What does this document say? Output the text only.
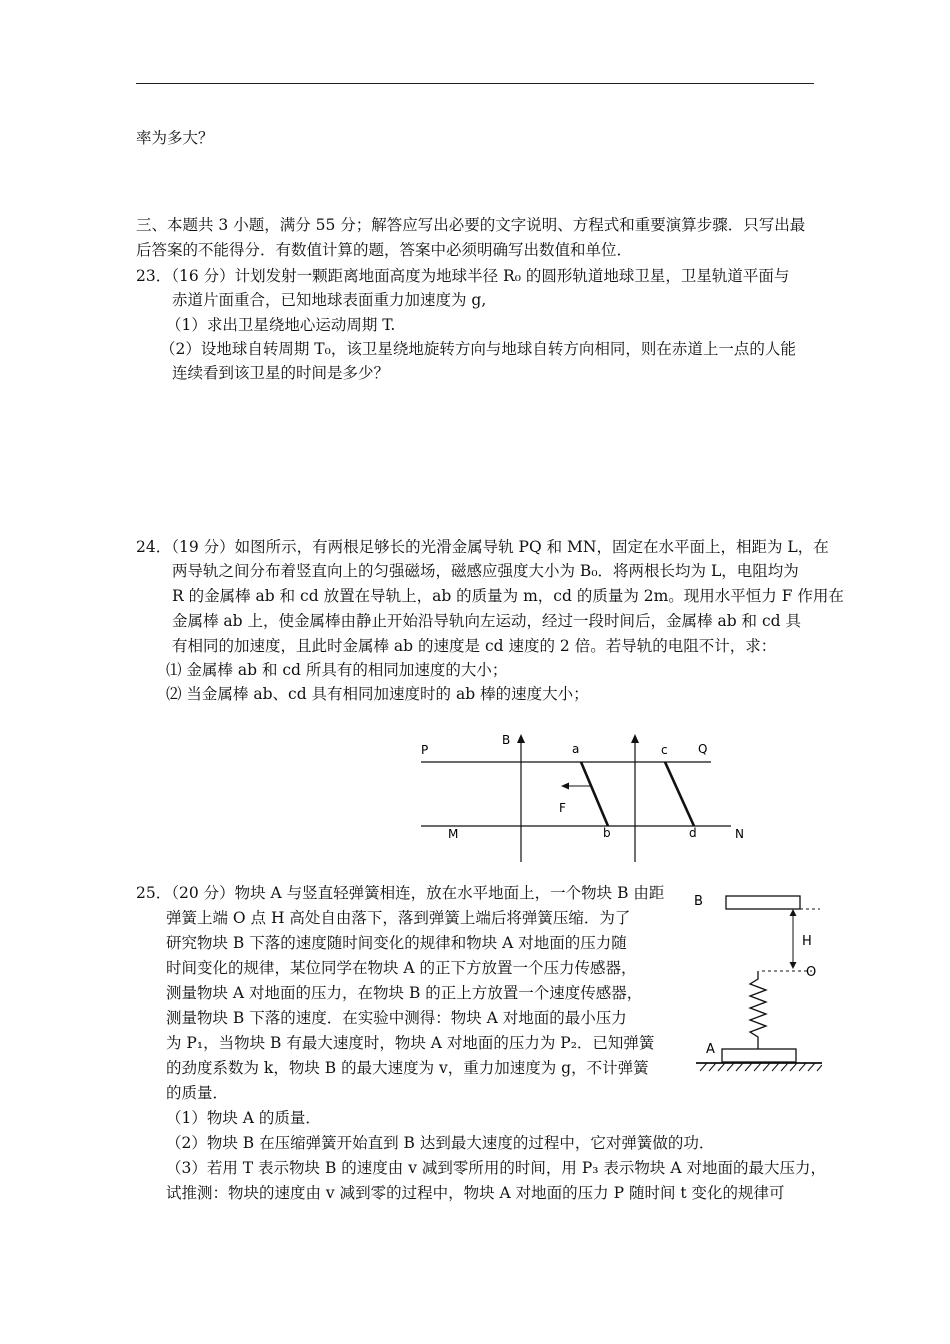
率为多大？
三、本题共 3 小题，满分 55 分；解答应写出必要的文字说明、方程式和重要演算步骤．只写出最
后答案的不能得分．有数值计算的题，答案中必须明确写出数值和单位．
23．（16 分）计划发射一颗距离地面高度为地球半径 R₀ 的圆形轨道地球卫星，卫星轨道平面与
赤道片面重合，已知地球表面重力加速度为 g,
（1）求出卫星绕地心运动周期 T.
（2）设地球自转周期 T₀，该卫星绕地旋转方向与地球自转方向相同，则在赤道上一点的人能
连续看到该卫星的时间是多少？
24．（19 分）如图所示，有两根足够长的光滑金属导轨 PQ 和 MN，固定在水平面上，相距为 L，在
两导轨之间分布着竖直向上的匀强磁场，磁感应强度大小为 B₀．将两根长均为 L，电阻均为
R 的金属棒 ab 和 cd 放置在导轨上，ab 的质量为 m，cd 的质量为 2m。现用水平恒力 F 作用在
金属棒 ab 上，使金属棒由静止开始沿导轨向左运动，经过一段时间后，金属棒 ab 和 cd 具
有相同的加速度，且此时金属棒 ab 的速度是 cd 速度的 2 倍。若导轨的电阻不计，求：
⑴ 金属棒 ab 和 cd 所具有的相同加速度的大小；
⑵ 当金属棒 ab、cd 具有相同加速度时的 ab 棒的速度大小；
P	Q
M	N
B
a
b
c
d
F
25．（20 分）物块 A 与竖直轻弹簧相连，放在水平地面上，一个物块 B 由距
弹簧上端 O 点 H 高处自由落下，落到弹簧上端后将弹簧压缩．为了
研究物块 B 下落的速度随时间变化的规律和物块 A 对地面的压力随
时间变化的规律，某位同学在物块 A 的正下方放置一个压力传感器，
测量物块 A 对地面的压力，在物块 B 的正上方放置一个速度传感器，
测量物块 B 下落的速度．在实验中测得：物块 A 对地面的最小压力
为 P₁，当物块 B 有最大速度时，物块 A 对地面的压力为 P₂．已知弹簧
的劲度系数为 k，物块 B 的最大速度为 v，重力加速度为 g，不计弹簧
的质量．
（1）物块 A 的质量．
（2）物块 B 在压缩弹簧开始直到 B 达到最大速度的过程中，它对弹簧做的功．
（3）若用 T 表示物块 B 的速度由 v 减到零所用的时间，用 P₃ 表示物块 A 对地面的最大压力，
试推测：物块的速度由 v 减到零的过程中，物块 A 对地面的压力 P 随时间 t 变化的规律可
B
H
O
A
